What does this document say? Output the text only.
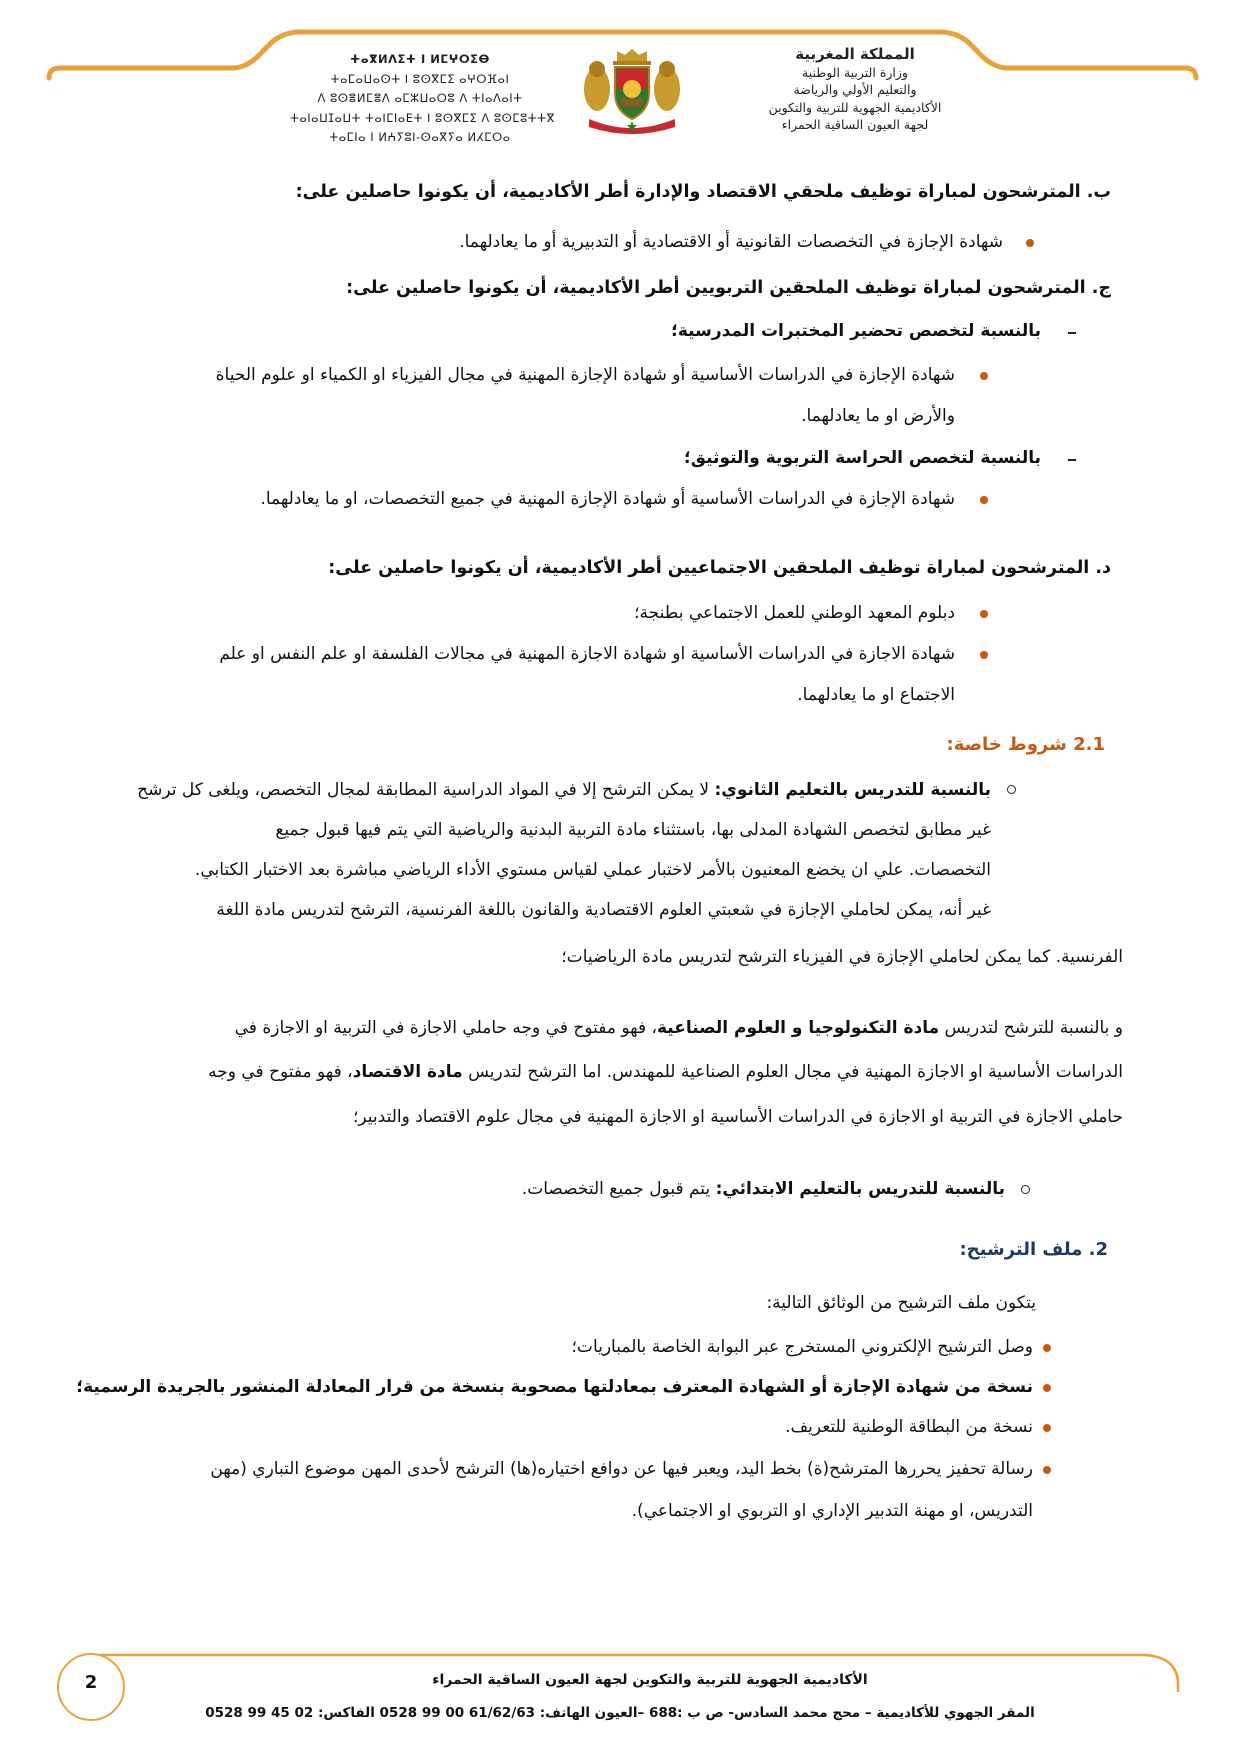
ⵜⴰⴳⵍⴷⵉⵜ ⵏ ⵍⵎⵖⵔⵉⴱ
ⵜⴰⵎⴰⵡⴰⵙⵜ ⵏ ⵓⵙⴳⵎⵉ ⴰⵖⵔⴼⴰⵏ
ⴷ ⵓⵙⴻⵍⵎⴻⴷ ⴰⵎⵣⵡⴰⵔⵓ ⴷ ⵜⵏⴰⴷⴰⵏⵜ
ⵜⴰⵏⴰⵡⵊⴰⵡⵜ ⵜⴰⵏⵎⵏⴰⴹⵜ ⵏ ⵓⵙⴳⵎⵉ ⴷ ⵓⵙⵎⵓⵜⵜⴳ
ⵜⴰⵎⵏⴰ ⵏ ⵍⵄⵢⵓⵏ-ⵙⴰⴳⵢⴰ ⵍⵃⵎⵔⴰ
المملكة المغربية
وزارة التربية الوطنية
والتعليم الأولي والرياضة
الأكاديمية الجهوية للتربية والتكوين
لجهة العيون الساقية الحمراء
ب. المترشحون لمباراة توظيف ملحقي الاقتصاد والإدارة أطر الأكاديمية، أن يكونوا حاصلين على:
شهادة الإجازة في التخصصات القانونية أو الاقتصادية أو التدبيرية أو ما يعادلهما.
ج. المترشحون لمباراة توظيف الملحقين التربويين أطر الأكاديمية، أن يكونوا حاصلين على:
بالنسبة لتخصص تحضير المختبرات المدرسية؛
شهادة الإجازة في الدراسات الأساسية أو شهادة الإجازة المهنية في مجال الفيزياء او الكمياء او علوم الحياة
والأرض او ما يعادلهما.
بالنسبة لتخصص الحراسة التربوية والتوثيق؛
شهادة الإجازة في الدراسات الأساسية أو شهادة الإجازة المهنية في جميع التخصصات، او ما يعادلهما.
د. المترشحون لمباراة توظيف الملحقين الاجتماعيين أطر الأكاديمية، أن يكونوا حاصلين على:
دبلوم المعهد الوطني للعمل الاجتماعي بطنجة؛
شهادة الاجازة في الدراسات الأساسية او شهادة الاجازة المهنية في مجالات الفلسفة او علم النفس او علم
الاجتماع او ما يعادلهما.
2.1 شروط خاصة:
بالنسبة للتدريس بالتعليم الثانوي: لا يمكن الترشح إلا في المواد الدراسية المطابقة لمجال التخصص، ويلغى كل ترشح
غير مطابق لتخصص الشهادة المدلى بها، باستثناء مادة التربية البدنية والرياضية التي يتم فيها قبول جميع
التخصصات. علي ان يخضع المعنيون بالأمر لاختبار عملي لقياس مستوي الأداء الرياضي مباشرة بعد الاختبار الكتابي.
غير أنه، يمكن لحاملي الإجازة في شعبتي العلوم الاقتصادية والقانون باللغة الفرنسية، الترشح لتدريس مادة اللغة
الفرنسية. كما يمكن لحاملي الإجازة في الفيزياء الترشح لتدريس مادة الرياضيات؛
و بالنسبة للترشح لتدريس مادة التكنولوجيا و العلوم الصناعية، فهو مفتوح في وجه حاملي الاجازة في التربية او الاجازة في
الدراسات الأساسية او الاجازة المهنية في مجال العلوم الصناعية للمهندس. اما الترشح لتدريس مادة الاقتصاد، فهو مفتوح في وجه
حاملي الاجازة في التربية او الاجازة في الدراسات الأساسية او الاجازة المهنية في مجال علوم الاقتصاد والتدبير؛
بالنسبة للتدريس بالتعليم الابتدائي: يتم قبول جميع التخصصات.
2. ملف الترشيح:
يتكون ملف الترشيح من الوثائق التالية:
وصل الترشيح الإلكتروني المستخرج عبر البوابة الخاصة بالمباريات؛
نسخة من شهادة الإجازة أو الشهادة المعترف بمعادلتها مصحوبة بنسخة من قرار المعادلة المنشور بالجريدة الرسمية؛
نسخة من البطاقة الوطنية للتعريف.
رسالة تحفيز يحررها المترشح(ة) بخط اليد، ويعبر فيها عن دوافع اختياره(ها) الترشح لأحدى المهن موضوع التباري (مهن
التدريس، او مهنة التدبير الإداري او التربوي او الاجتماعي).
2	الأكاديمية الجهوية للتربية والتكوين لجهة العيون الساقية الحمراء
المقر الجهوي للأكاديمية – محج محمد السادس- ص ب :688 –العيون الهاتف: 61/62/63 00 99 0528 الفاكس: 02 45 99 0528
